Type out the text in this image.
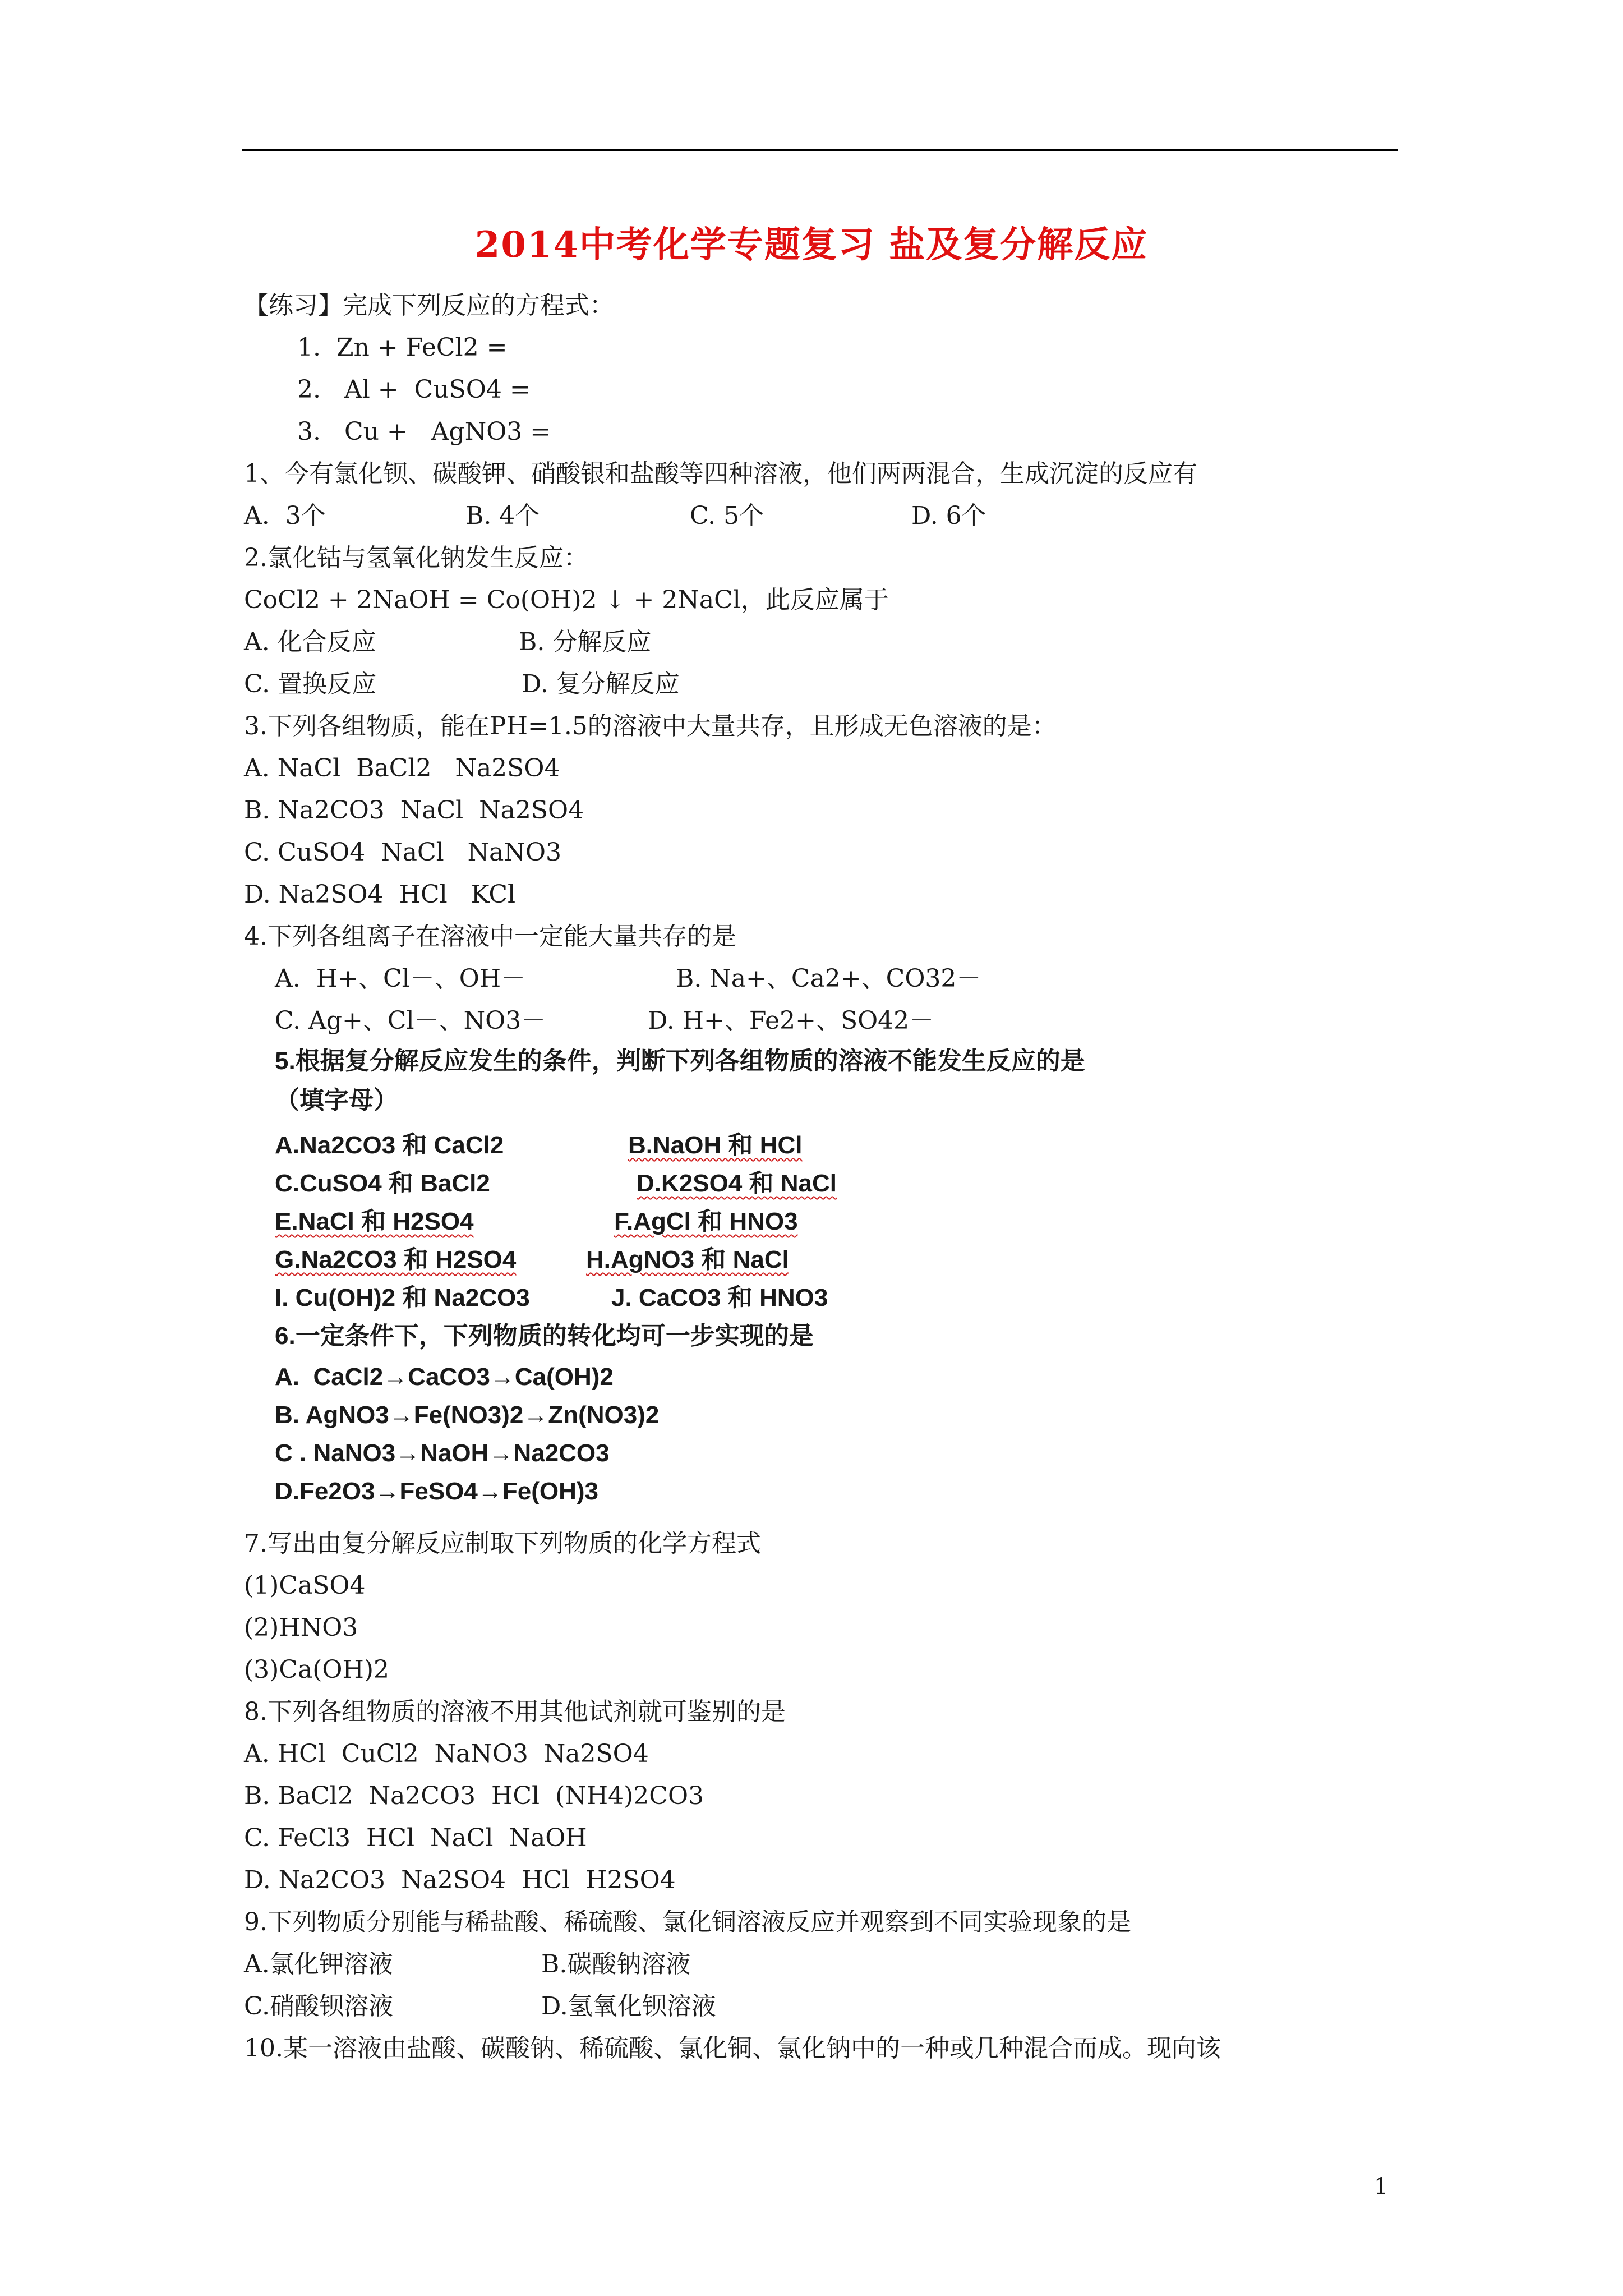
2014中考化学专题复习 盐及复分解反应
【练习】完成下列反应的方程式：
1.  Zn + FeCl2 =
2.   Al +  CuSO4 =
3.   Cu +   AgNO3 =
1、今有氯化钡、碳酸钾、硝酸银和盐酸等四种溶液，他们两两混合，生成沉淀的反应有
A.  3个	B. 4个	C. 5个	D. 6个
2.氯化钴与氢氧化钠发生反应：
CoCl2 + 2NaOH = Co(OH)2 ↓ + 2NaCl，此反应属于
A. 化合反应	B. 分解反应
C. 置换反应	D. 复分解反应
3.下列各组物质，能在PH=1.5的溶液中大量共存，且形成无色溶液的是：
A. NaCl  BaCl2   Na2SO4
B. Na2CO3  NaCl  Na2SO4
C. CuSO4  NaCl   NaNO3
D. Na2SO4  HCl   KCl
4.下列各组离子在溶液中一定能大量共存的是
A.  H+、Cl－、OH－	B. Na+、Ca2+、CO32－
C. Ag+、Cl－、NO3－	D. H+、Fe2+、SO42－
5.根据复分解反应发生的条件，判断下列各组物质的溶液不能发生反应的是
（填字母）
A.Na2CO3 和 CaCl2	B.NaOH 和 HCl
C.CuSO4 和 BaCl2	D.K2SO4 和 NaCl
E.NaCl 和 H2SO4	F.AgCl 和 HNO3
G.Na2CO3 和 H2SO4	H.AgNO3 和 NaCl
I. Cu(OH)2 和 Na2CO3	J. CaCO3 和 HNO3
6.一定条件下，下列物质的转化均可一步实现的是
A.  CaCl2→CaCO3→Ca(OH)2
B. AgNO3→Fe(NO3)2→Zn(NO3)2
C . NaNO3→NaOH→Na2CO3
D.Fe2O3→FeSO4→Fe(OH)3
7.写出由复分解反应制取下列物质的化学方程式
(1)CaSO4
(2)HNO3
(3)Ca(OH)2
8.下列各组物质的溶液不用其他试剂就可鉴别的是
A. HCl  CuCl2  NaNO3  Na2SO4
B. BaCl2  Na2CO3  HCl  (NH4)2CO3
C. FeCl3  HCl  NaCl  NaOH
D. Na2CO3  Na2SO4  HCl  H2SO4
9.下列物质分别能与稀盐酸、稀硫酸、氯化铜溶液反应并观察到不同实验现象的是
A.氯化钾溶液	B.碳酸钠溶液
C.硝酸钡溶液	D.氢氧化钡溶液
10.某一溶液由盐酸、碳酸钠、稀硫酸、氯化铜、氯化钠中的一种或几种混合而成。现向该
1
